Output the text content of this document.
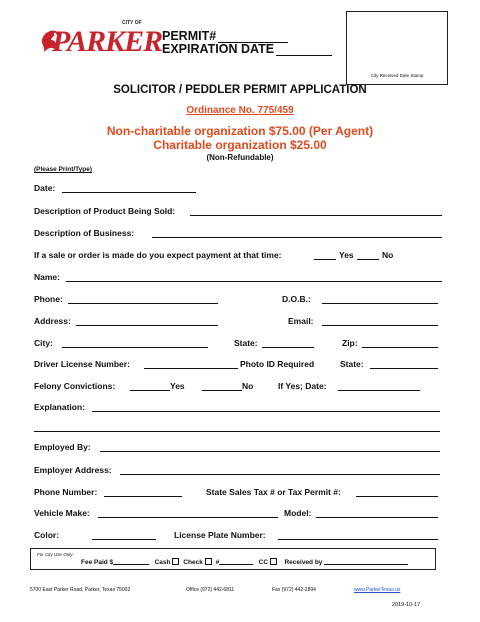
CITY OF
PARKER PERMIT#
EXPIRATION DATE
City Received Date Stamp
SOLICITOR / PEDDLER PERMIT APPLICATION
Ordinance No. 775/459
Non-charitable organization $75.00 (Per Agent)
Charitable organization $25.00
(Non-Refundable)
(Please Print/Type)
Date:
Description of Product Being Sold:
Description of Business:
If a sale or order is made do you expect payment at that time:	Yes	No
Name:
Phone:	D.O.B.:
Address:	Email:
City:	State:	Zip:
Driver License Number:	Photo ID Required	State:
Felony Convictions:	Yes	No	If Yes; Date:
Explanation:
Employed By:
Employer Address:
Phone Number:	State Sales Tax # or Tax Permit #:
Vehicle Make:	Model:
Color:	License Plate Number:
For City Use Only:
Fee Paid $	Cash Check #	CC	Received by
5700 East Parker Road, Parker, Texas 75002	Office (972) 442-6811	Fax (972) 442-2894	www.ParkerTexas.us
2019-10-17
